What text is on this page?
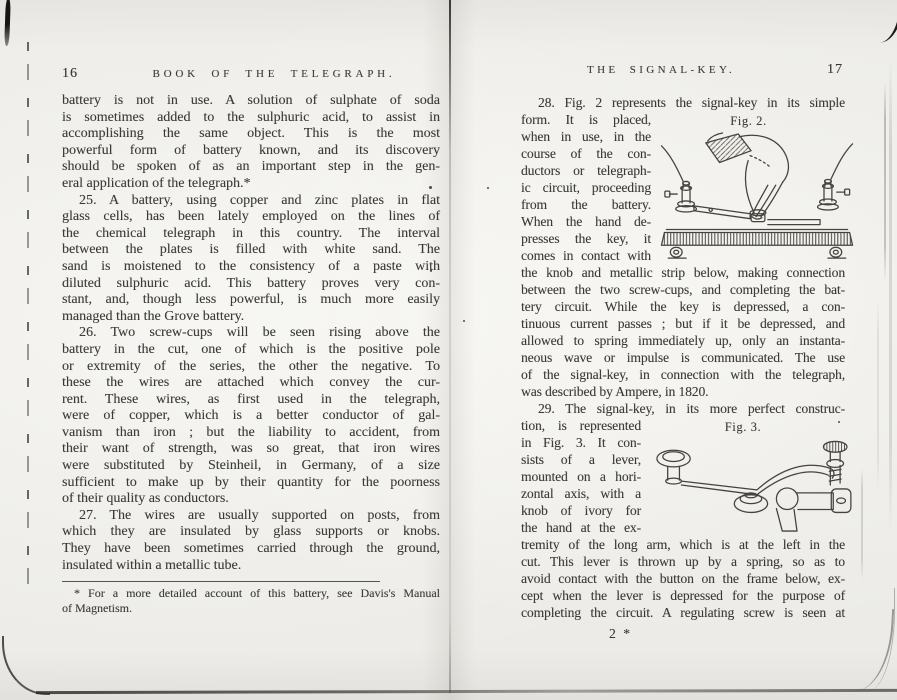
16	BOOK OF THE TELEGRAPH.
battery is not in use. A solution of sulphate of soda
is sometimes added to the sulphuric acid, to assist in
accomplishing the same object. This is the most
powerful form of battery known, and its discovery
should be spoken of as an important step in the gen-
eral application of the telegraph.*
25. A battery, using copper and zinc plates in flat
glass cells, has been lately employed on the lines of
the chemical telegraph in this country. The interval
between the plates is filled with white sand. The
sand is moistened to the consistency of a paste with
diluted sulphuric acid. This battery proves very con-
stant, and, though less powerful, is much more easily
managed than the Grove battery.
26. Two screw-cups will be seen rising above the
battery in the cut, one of which is the positive pole
or extremity of the series, the other the negative. To
these the wires are attached which convey the cur-
rent. These wires, as first used in the telegraph,
were of copper, which is a better conductor of gal-
vanism than iron ; but the liability to accident, from
their want of strength, was so great, that iron wires
were substituted by Steinheil, in Germany, of a size
sufficient to make up by their quantity for the poorness
of their quality as conductors.
27. The wires are usually supported on posts, from
which they are insulated by glass supports or knobs.
They have been sometimes carried through the ground,
insulated within a metallic tube.
* For a more detailed account of this battery, see Davis's Manual
of Magnetism.
THE SIGNAL-KEY.	17
28. Fig. 2 represents the signal-key in its simple
form. It is placed,
when in use, in the
course of the con-
ductors or telegraph-
ic circuit, proceeding
from the battery.
When the hand de-
presses the key, it
comes in contact with
Fig. 2.
the knob and metallic strip below, making connection
between the two screw-cups, and completing the bat-
tery circuit. While the key is depressed, a con-
tinuous current passes ; but if it be depressed, and
allowed to spring immediately up, only an instanta-
neous wave or impulse is communicated. The use
of the signal-key, in connection with the telegraph,
was described by Ampere, in 1820.
29. The signal-key, in its more perfect construc-
tion, is represented
in Fig. 3. It con-
sists of a lever,
mounted on a hori-
zontal axis, with a
knob of ivory for
the hand at the ex-
Fig. 3.
tremity of the long arm, which is at the left in the
cut. This lever is thrown up by a spring, so as to
avoid contact with the button on the frame below, ex-
cept when the lever is depressed for the purpose of
completing the circuit. A regulating screw is seen at
2 *
